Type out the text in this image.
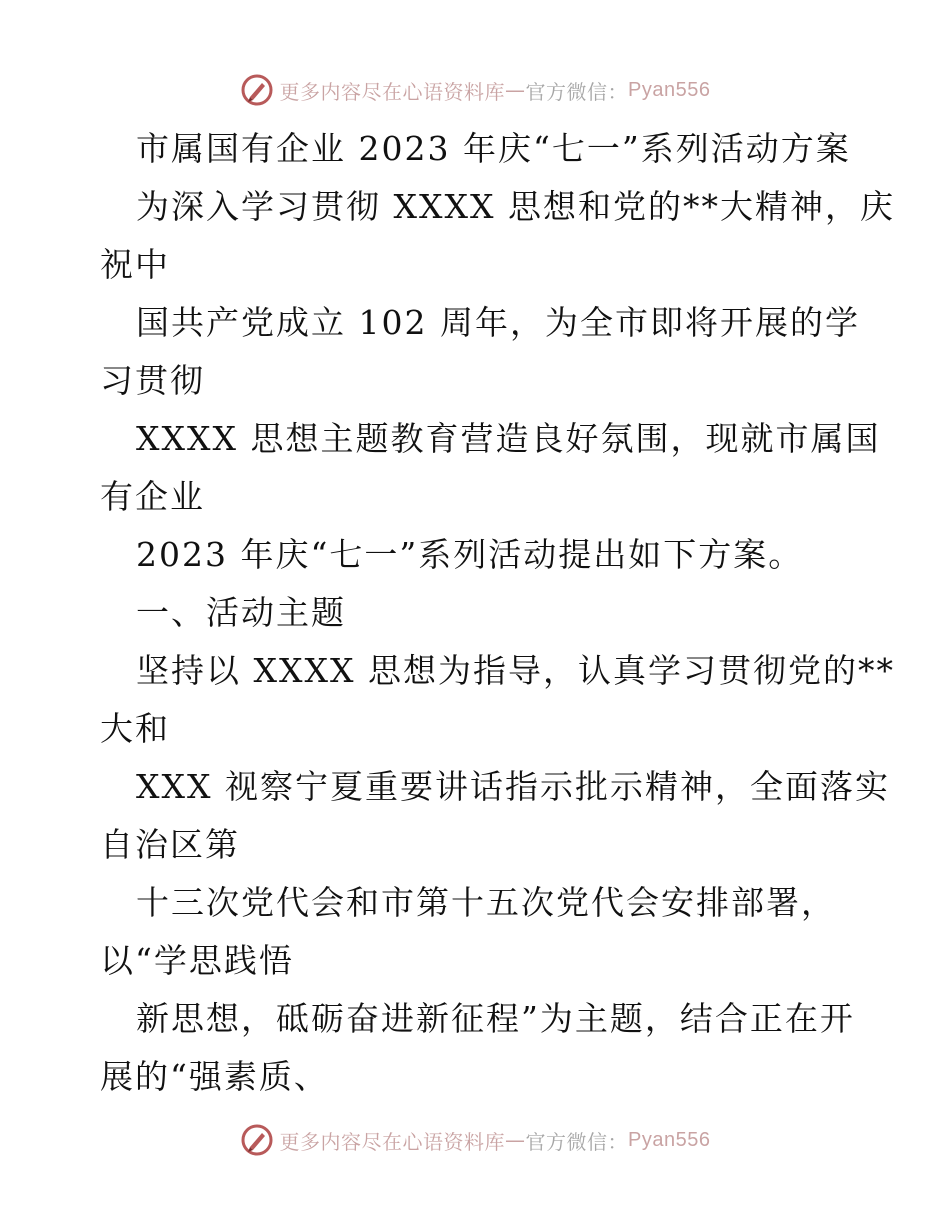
更多内容尽在心语资料库 — 官方微信： Pyan556
市属国有企业 2023 年庆“七一”系列活动方案
为深入学习贯彻 XXXX 思想和党的**大精神，庆
祝中
国共产党成立 102 周年，为全市即将开展的学
习贯彻
XXXX 思想主题教育营造良好氛围，现就市属国
有企业
2023 年庆“七一”系列活动提出如下方案。
一、活动主题
坚持以 XXXX 思想为指导，认真学习贯彻党的**
大和
XXX 视察宁夏重要讲话指示批示精神，全面落实
自治区第
十三次党代会和市第十五次党代会安排部署，
以“学思践悟
新思想，砥砺奋进新征程”为主题，结合正在开
展的“强素质、
更多内容尽在心语资料库 — 官方微信： Pyan556
